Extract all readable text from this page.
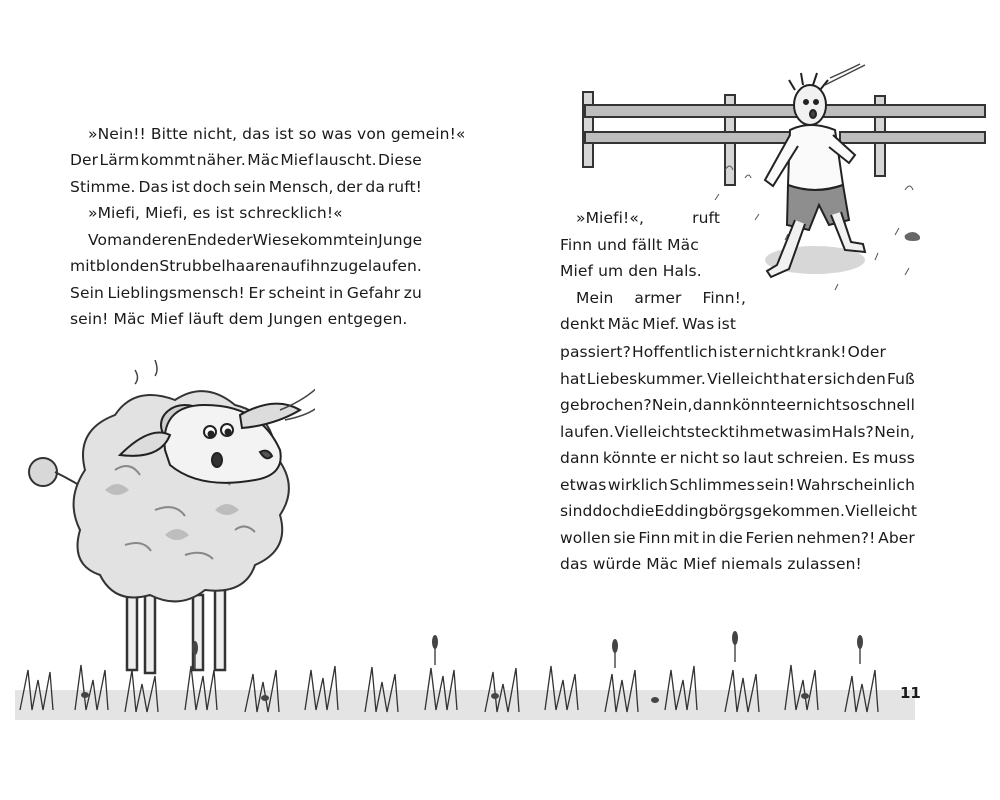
»Nein!! Bitte nicht, das ist so was von gemein!«
Der Lärm kommt näher. Mäc Mief lauscht. Diese
Stimme. Das ist doch sein Mensch, der da ruft!
»Miefi, Miefi, es ist schrecklich!«
Vom anderen Ende der Wiese kommt ein Junge
mit blonden Strubbelhaaren auf ihn zugelaufen.
Sein Lieblingsmensch! Er scheint in Gefahr zu
sein! Mäc Mief läuft dem Jungen entgegen.
»Miefi!«,	ruft
Finn und fällt Mäc
Mief um den Hals.
Mein armer Finn!,
denkt Mäc Mief. Was ist
passiert? Hoffentlich ist er nicht krank! Oder
hat Liebeskummer. Vielleicht hat er sich den Fuß
gebrochen? Nein, dann könnte er nicht so schnell
laufen. Vielleicht steckt ihm etwas im Hals? Nein,
dann könnte er nicht so laut schreien. Es muss
etwas wirklich Schlimmes sein! Wahrscheinlich
sind doch die Eddingbörgs gekommen. Vielleicht
wollen sie Finn mit in die Ferien nehmen?! Aber
das würde Mäc Mief niemals zulassen!
11
